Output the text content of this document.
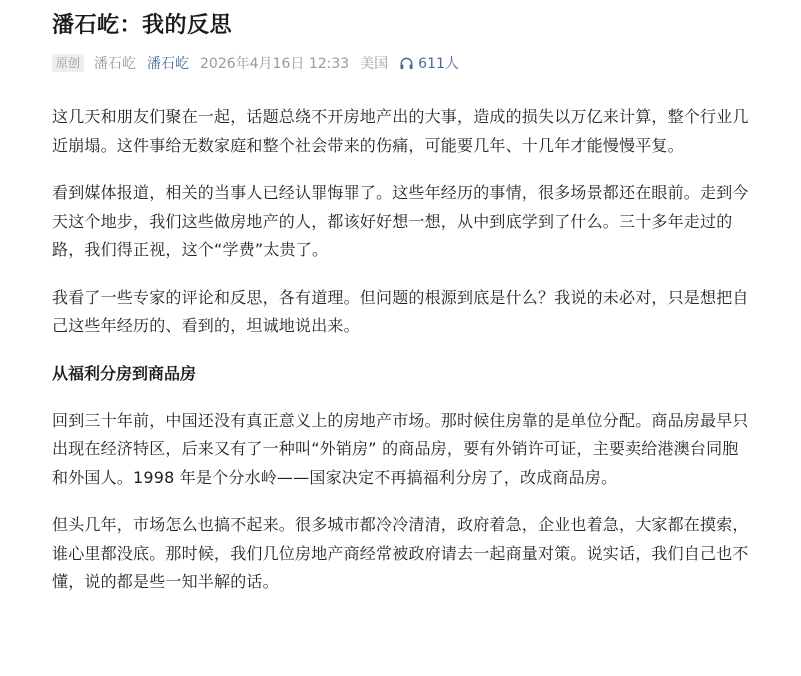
潘石屹：我的反思
原创 潘石屹 潘石屹 2026年4月16日 12:33 美国 611人

这几天和朋友们聚在一起，话题总绕不开房地产出的大事，造成的损失以万亿来计算，整个行业几近崩塌。这件事给无数家庭和整个社会带来的伤痛，可能要几年、十几年才能慢慢平复。

看到媒体报道，相关的当事人已经认罪悔罪了。这些年经历的事情，很多场景都还在眼前。走到今天这个地步，我们这些做房地产的人，都该好好想一想，从中到底学到了什么。三十多年走过的路，我们得正视，这个“学费”太贵了。

我看了一些专家的评论和反思，各有道理。但问题的根源到底是什么？我说的未必对，只是想把自己这些年经历的、看到的，坦诚地说出来。

从福利分房到商品房

回到三十年前，中国还没有真正意义上的房地产市场。那时候住房靠的是单位分配。商品房最早只出现在经济特区，后来又有了一种叫“外销房” 的商品房，要有外销许可证，主要卖给港澳台同胞和外国人。1998 年是个分水岭——国家决定不再搞福利分房了，改成商品房。

但头几年，市场怎么也搞不起来。很多城市都冷冷清清，政府着急，企业也着急，大家都在摸索，谁心里都没底。那时候，我们几位房地产商经常被政府请去一起商量对策。说实话，我们自己也不懂，说的都是些一知半解的话。
